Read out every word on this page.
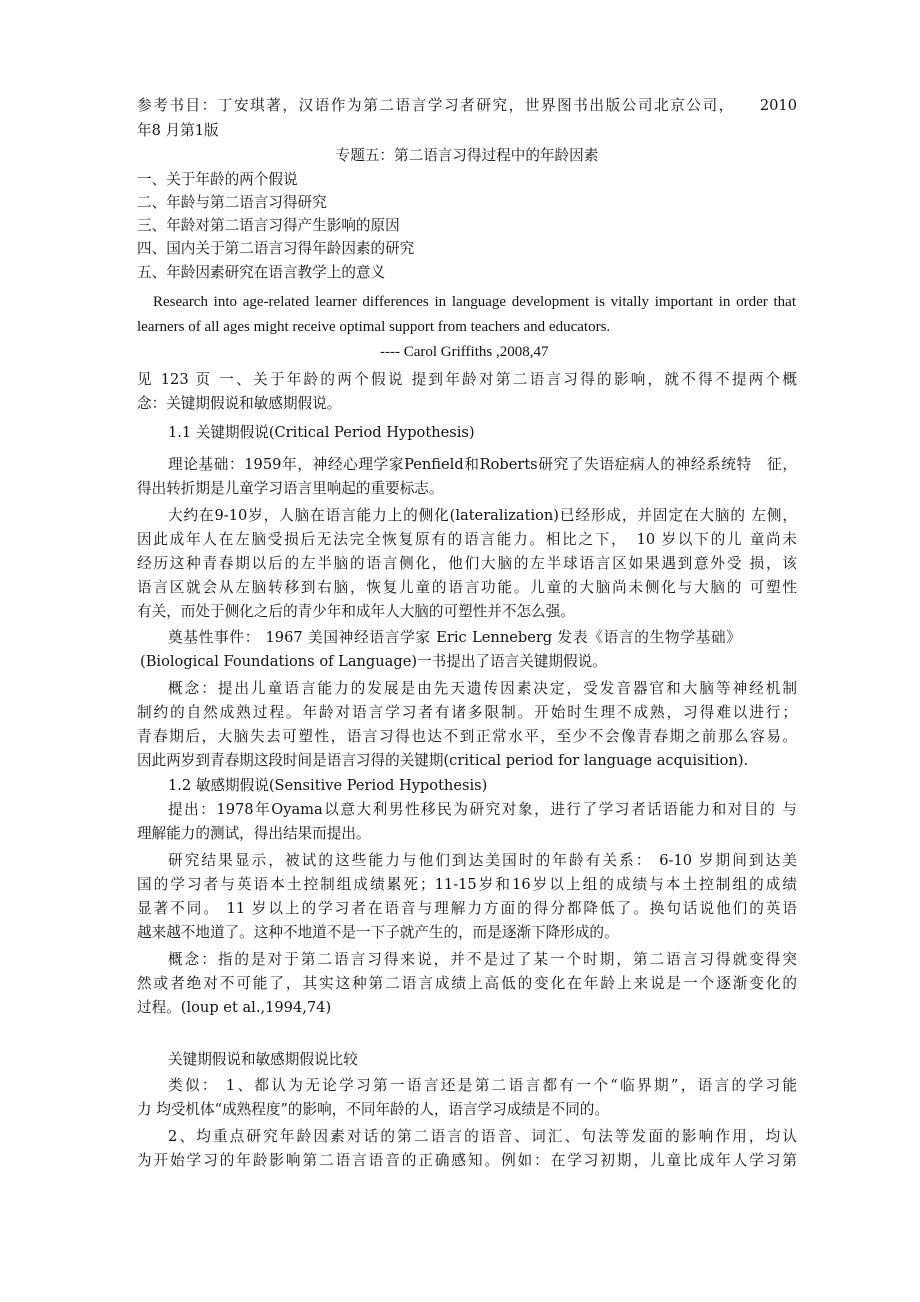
参考书目：丁安琪著，汉语作为第二语言学习者研究，世界图书出版公司北京公司，　　2010
年8 月第1版
专题五：第二语言习得过程中的年龄因素
一、关于年龄的两个假说
二、年龄与第二语言习得研究
三、年龄对第二语言习得产生影响的原因
四、国内关于第二语言习得年龄因素的研究
五、年龄因素研究在语言教学上的意义
Research into age-related learner differences in language development is vitally important in order that
learners of all ages might receive optimal support from teachers and educators.
---- Carol Griffiths ,2008,47
见 123 页 一、关于年龄的两个假说 提到年龄对第二语言习得的影响，就不得不提两个概
念：关键期假说和敏感期假说。
1.1 关键期假说(Critical Period Hypothesis)
理论基础：1959年，神经心理学家Penfield和Roberts研究了失语症病人的神经系统特　征，
得出转折期是儿童学习语言里响起的重要标志。
大约在9-10岁，人脑在语言能力上的侧化(lateralization)已经形成，并固定在大脑的 左侧，
因此成年人在左脑受损后无法完全恢复原有的语言能力。相比之下，　10 岁以下的儿 童尚未
经历这种青春期以后的左半脑的语言侧化，他们大脑的左半球语言区如果遇到意外受 损，该
语言区就会从左脑转移到右脑，恢复儿童的语言功能。儿童的大脑尚未侧化与大脑的 可塑性
有关，而处于侧化之后的青少年和成年人大脑的可塑性并不怎么强。
奠基性事件： 1967 美国神经语言学家 Eric Lenneberg 发表《语言的生物学基础》
(Biological Foundations of Language)一书提出了语言关键期假说。
概念：提出儿童语言能力的发展是由先天遗传因素决定，受发音器官和大脑等神经机制
制约的自然成熟过程。年龄对语言学习者有诸多限制。开始时生理不成熟，习得难以进行；
青春期后，大脑失去可塑性，语言习得也达不到正常水平，至少不会像青春期之前那么容易。
因此两岁到青春期这段时间是语言习得的关键期(critical period for language acquisition).
1.2 敏感期假说(Sensitive Period Hypothesis)
提出：1978年Oyama以意大利男性移民为研究对象，进行了学习者话语能力和对目的 与
理解能力的测试，得出结果而提出。
研究结果显示，被试的这些能力与他们到达美国时的年龄有关系： 6-10 岁期间到达美
国的学习者与英语本土控制组成绩累死；11-15岁和16岁以上组的成绩与本土控制组的成绩
显著不同。 11 岁以上的学习者在语音与理解力方面的得分都降低了。换句话说他们的英语
越来越不地道了。这种不地道不是一下子就产生的，而是逐渐下降形成的。
概念：指的是对于第二语言习得来说，并不是过了某一个时期，第二语言习得就变得突
然或者绝对不可能了，其实这种第二语言成绩上高低的变化在年龄上来说是一个逐渐变化的
过程。(loup et al.,1994,74)
关键期假说和敏感期假说比较
类似： 1、都认为无论学习第一语言还是第二语言都有一个“临界期”，语言的学习能
力 均受机体“成熟程度”的影响，不同年龄的人，语言学习成绩是不同的。
2、均重点研究年龄因素对话的第二语言的语音、词汇、句法等发面的影响作用，均认
为开始学习的年龄影响第二语言语音的正确感知。例如：在学习初期，儿童比成年人学习第
